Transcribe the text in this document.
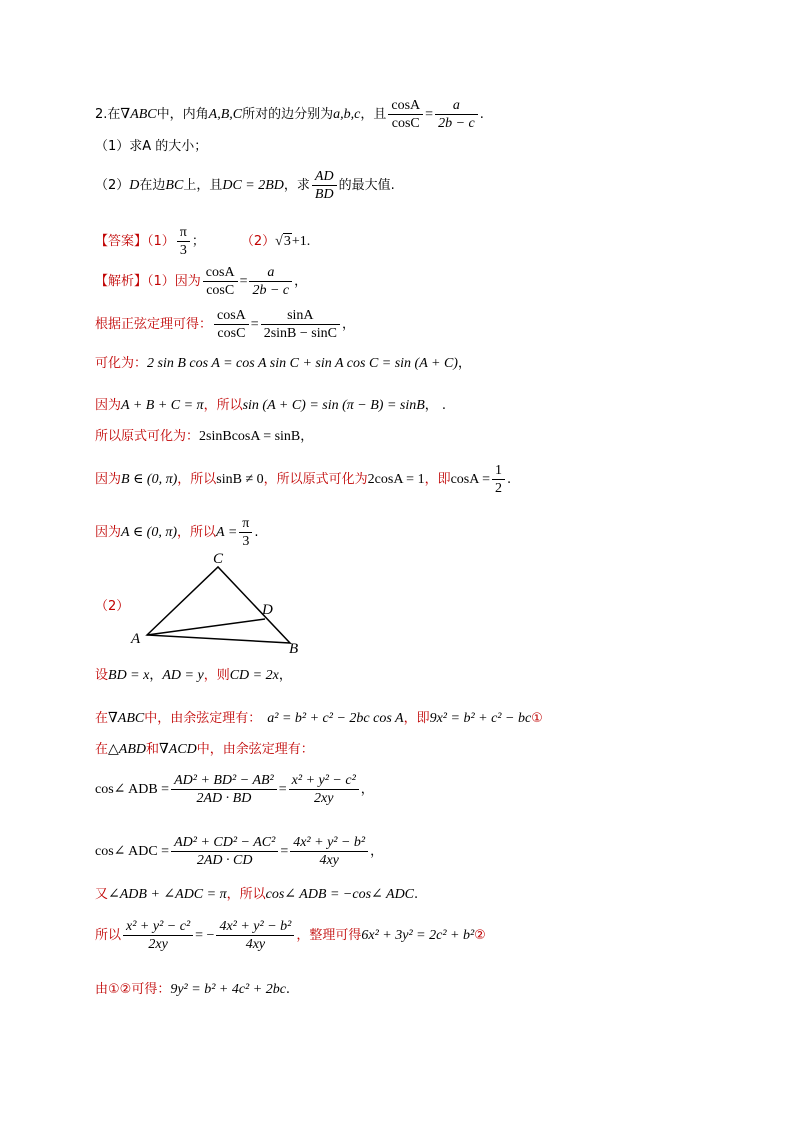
2.在∇ABC中，内角A,B,C所对的边分别为a,b,c，且 $\frac{\cos A}{\cos C} = \frac{a}{2b - c}$ .
（1）求A 的大小；
（2）D在边BC上，且DC = 2BD，求 $\frac{AD}{BD}$ 的最大值.
【答案】$(1) \frac{\pi}{3}$ ；	（2）√3+1.
【解析】（1）因为 $\frac{\cos A}{\cos C} = \frac{a}{2b - c}$ ，
根据正弦定理可得： $\frac{\cos A}{\cos C} = \frac{\sin A}{2\sin B - \sin C}$ ，
可化为：2 sin B cos A = cos A sin C + sin A cos C = sin (A + C)，
因为A + B + C = π，所以sin (A + C) = sin (π − B) = sinB， .
所以原式可化为：2sinBcosA = sinB，
因为B ∈ (0, π)，所以sinB ≠ 0，所以原式可化为2cosA = 1，即$\cos A = \frac{1}{2}$ .
因为A ∈ (0, π)，所以$A = \frac{\pi}{3}$ .
（2）
A
C
D
B
设BD = x，AD = y，则CD = 2x，
在∇ABC中，由余弦定理有： a² = b² + c² − 2bc cos A，即9x² = b² + c² − bc①
在△ABD和∇ACD中，由余弦定理有：
cos∠ ADB = $\frac{\text{AD² + BD² − AB²}}{2AD \cdot BD} = \frac{\text{x² + y² − c²}}{2xy}$ ，
cos∠ ADC = $\frac{\text{AD² + CD² − AC²}}{2AD \cdot CD} = \frac{\text{4x² + y² − b²}}{4xy}$ ，
又∠ADB + ∠ADC = π，所以cos∠ ADB = −cos∠ ADC.
所以 $\frac{\text{x² + y² − c²}}{2xy}$ = − $\frac{\text{4x² + y² − b²}}{4xy}$ ，整理可得6x² + 3y² = 2c² + b²②
由①②可得：9y² = b² + 4c² + 2bc.
